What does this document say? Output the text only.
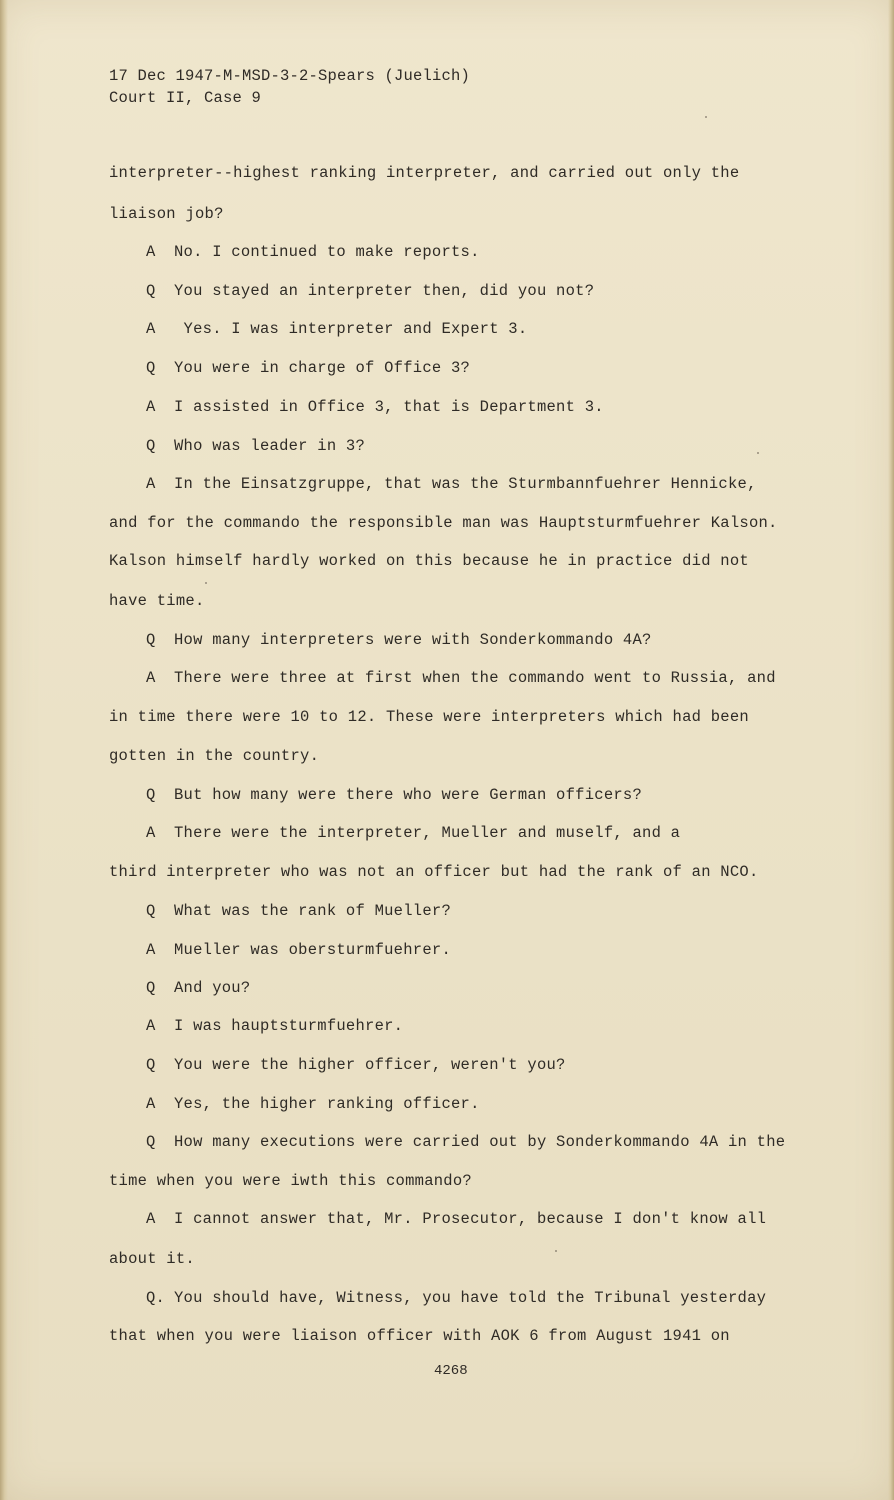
17 Dec 1947-M-MSD-3-2-Spears (Juelich)
Court II, Case 9
interpreter--highest ranking interpreter, and carried out only the
liaison job?
A No. I continued to make reports.
Q You stayed an interpreter then, did you not?
A Yes. I was interpreter and Expert 3.
Q You were in charge of Office 3?
A I assisted in Office 3, that is Department 3.
Q Who was leader in 3?
A In the Einsatzgruppe, that was the Sturmbannfuehrer Hennicke,
and for the commando the responsible man was Hauptsturmfuehrer Kalson.
Kalson himself hardly worked on this because he in practice did not
have time.
Q How many interpreters were with Sonderkommando 4A?
A There were three at first when the commando went to Russia, and
in time there were 10 to 12. These were interpreters which had been
gotten in the country.
Q But how many were there who were German officers?
A There were the interpreter, Mueller and muself, and a
third interpreter who was not an officer but had the rank of an NCO.
Q What was the rank of Mueller?
A Mueller was obersturmfuehrer.
Q And you?
A I was hauptsturmfuehrer.
Q You were the higher officer, weren't you?
A Yes, the higher ranking officer.
Q How many executions were carried out by Sonderkommando 4A in the
time when you were iwth this commando?
A I cannot answer that, Mr. Prosecutor, because I don't know all
about it.
Q. You should have, Witness, you have told the Tribunal yesterday
that when you were liaison officer with AOK 6 from August 1941 on
4268
